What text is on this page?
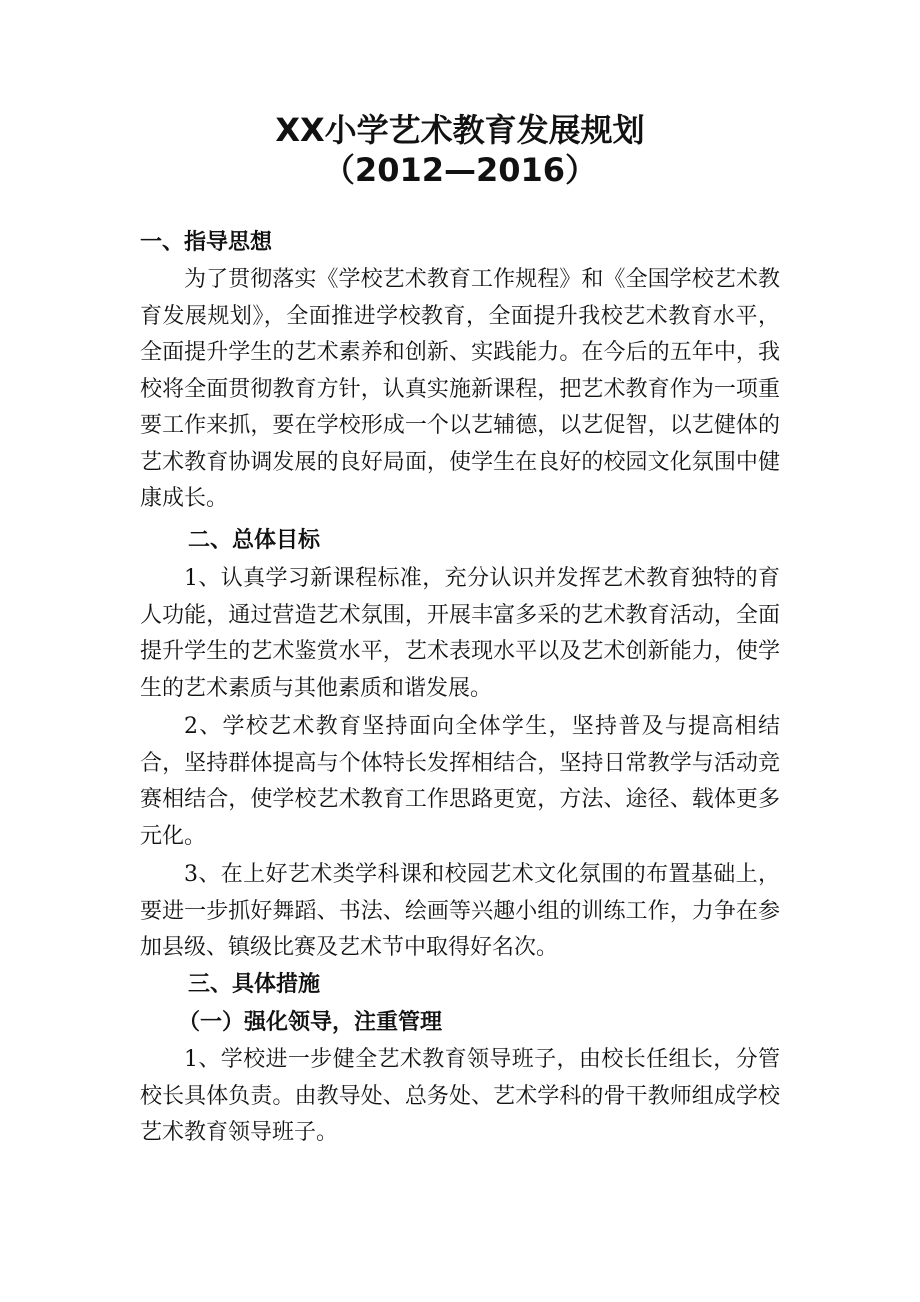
XX小学艺术教育发展规划
（2012—2016）
一、指导思想

为了贯彻落实《学校艺术教育工作规程》和《全国学校艺术教育发展规划》，全面推进学校教育，全面提升我校艺术教育水平，全面提升学生的艺术素养和创新、实践能力。在今后的五年中，我校将全面贯彻教育方针，认真实施新课程，把艺术教育作为一项重要工作来抓，要在学校形成一个以艺辅德，以艺促智，以艺健体的艺术教育协调发展的良好局面，使学生在良好的校园文化氛围中健康成长。

二、总体目标

1、认真学习新课程标准，充分认识并发挥艺术教育独特的育人功能，通过营造艺术氛围，开展丰富多采的艺术教育活动，全面提升学生的艺术鉴赏水平，艺术表现水平以及艺术创新能力，使学生的艺术素质与其他素质和谐发展。

2、学校艺术教育坚持面向全体学生，坚持普及与提高相结合，坚持群体提高与个体特长发挥相结合，坚持日常教学与活动竞赛相结合，使学校艺术教育工作思路更宽，方法、途径、载体更多元化。

3、在上好艺术类学科课和校园艺术文化氛围的布置基础上，要进一步抓好舞蹈、书法、绘画等兴趣小组的训练工作，力争在参加县级、镇级比赛及艺术节中取得好名次。

三、具体措施
（一）强化领导，注重管理

1、学校进一步健全艺术教育领导班子，由校长任组长，分管校长具体负责。由教导处、总务处、艺术学科的骨干教师组成学校艺术教育领导班子。
